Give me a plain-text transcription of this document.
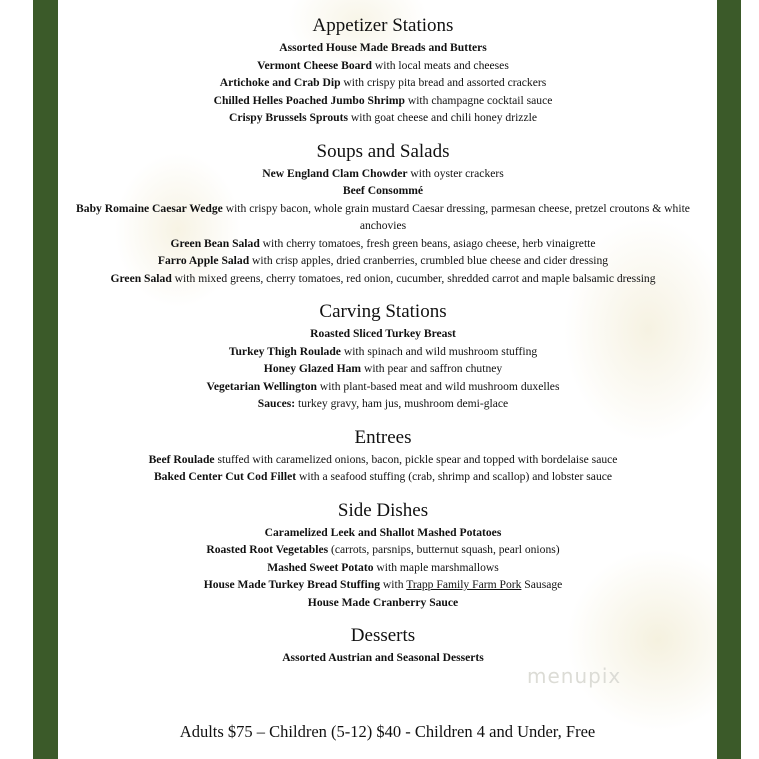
Appetizer Stations
Assorted House Made Breads and Butters
Vermont Cheese Board with local meats and cheeses
Artichoke and Crab Dip with crispy pita bread and assorted crackers
Chilled Helles Poached Jumbo Shrimp with champagne cocktail sauce
Crispy Brussels Sprouts with goat cheese and chili honey drizzle
Soups and Salads
New England Clam Chowder with oyster crackers
Beef Consommé
Baby Romaine Caesar Wedge with crispy bacon, whole grain mustard Caesar dressing, parmesan cheese, pretzel croutons & white anchovies
Green Bean Salad with cherry tomatoes, fresh green beans, asiago cheese, herb vinaigrette
Farro Apple Salad with crisp apples, dried cranberries, crumbled blue cheese and cider dressing
Green Salad with mixed greens, cherry tomatoes, red onion, cucumber, shredded carrot and maple balsamic dressing
Carving Stations
Roasted Sliced Turkey Breast
Turkey Thigh Roulade with spinach and wild mushroom stuffing
Honey Glazed Ham with pear and saffron chutney
Vegetarian Wellington with plant-based meat and wild mushroom duxelles
Sauces: turkey gravy, ham jus, mushroom demi-glace
Entrees
Beef Roulade stuffed with caramelized onions, bacon, pickle spear and topped with bordelaise sauce
Baked Center Cut Cod Fillet with a seafood stuffing (crab, shrimp and scallop) and lobster sauce
Side Dishes
Caramelized Leek and Shallot Mashed Potatoes
Roasted Root Vegetables (carrots, parsnips, butternut squash, pearl onions)
Mashed Sweet Potato with maple marshmallows
House Made Turkey Bread Stuffing with Trapp Family Farm Pork Sausage
House Made Cranberry Sauce
Desserts
Assorted Austrian and Seasonal Desserts
menupix
Adults $75 – Children (5-12) $40 - Children 4 and Under, Free
